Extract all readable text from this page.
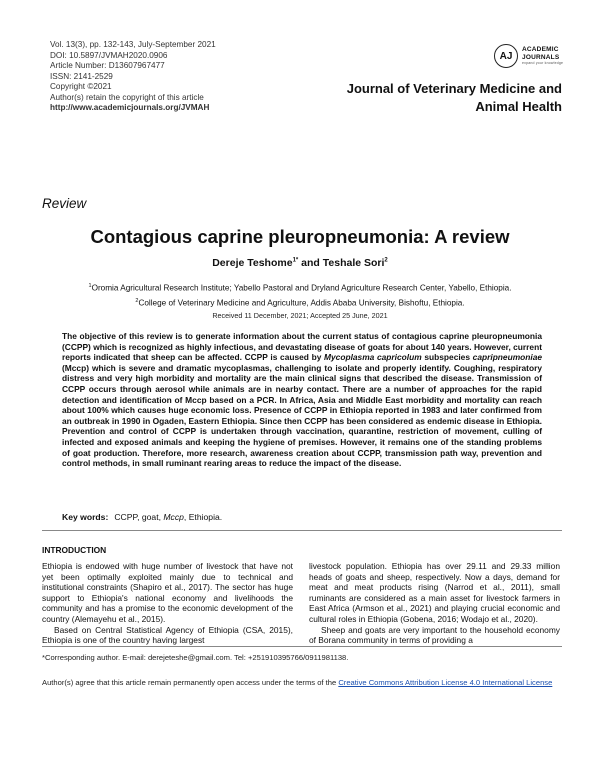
Vol. 13(3), pp. 132-143, July-September 2021
DOI: 10.5897/JVMAH2020.0906
Article Number: D13607967477
ISSN: 2141-2529
Copyright ©2021
Author(s) retain the copyright of this article
http://www.academicjournals.org/JVMAH
AJ
ACADEMIC
JOURNALS
expand your knowledge
Journal of Veterinary Medicine and Animal Health
Review
Contagious caprine pleuropneumonia: A review
Dereje Teshome$^{1*}$ and Teshale Sori$^2$
$^1$Oromia Agricultural Research Institute; Yabello Pastoral and Dryland Agriculture Research Center, Yabello, Ethiopia.
$^2$College of Veterinary Medicine and Agriculture, Addis Ababa University, Bishoftu, Ethiopia.
Received 11 December, 2021; Accepted 25 June, 2021
The objective of this review is to generate information about the current status of contagious caprine pleuropneumonia (CCPP) which is recognized as highly infectious, and devastating disease of goats for about 140 years. However, current reports indicated that sheep can be affected. CCPP is caused by Mycoplasma capricolum subspecies capripneumoniae (Mccp) which is severe and dramatic mycoplasmas, challenging to isolate and properly identify. Coughing, respiratory distress and very high morbidity and mortality are the main clinical signs that described the disease. Transmission of CCPP occurs through aerosol while animals are in nearby contact. There are a number of approaches for the rapid detection and identification of Mccp based on a PCR. In Africa, Asia and Middle East morbidity and mortality can reach about 100% which causes huge economic loss. Presence of CCPP in Ethiopia reported in 1983 and later confirmed from an outbreak in 1990 in Ogaden, Eastern Ethiopia. Since then CCPP has been considered as endemic disease in Ethiopia. Prevention and control of CCPP is undertaken through vaccination, quarantine, restriction of movement, culling of infected and exposed animals and keeping the hygiene of premises. However, it remains one of the standing problems of goat production. Therefore, more research, awareness creation about CCPP, transmission path way, prevention and control methods, in small ruminant rearing areas to reduce the impact of the disease.
Key words: CCPP, goat, Mccp, Ethiopia.
INTRODUCTION

Ethiopia is endowed with huge number of livestock that have not yet been optimally exploited mainly due to technical and institutional constraints (Shapiro et al., 2017). The sector has huge support to Ethiopia's national economy and livelihoods the community and has a promise to the economic development of the country (Alemayehu et al., 2015).

Based on Central Statistical Agency of Ethiopia (CSA, 2015), Ethiopia is one of the country having largest

livestock population. Ethiopia has over 29.11 and 29.33 million heads of goats and sheep, respectively. Now a days, demand for meat and meat products rising (Narrod et al., 2011), small ruminants are considered as a main asset for livestock farmers in East Africa (Armson et al., 2021) and playing crucial economic and cultural roles in Ethiopia (Gobena, 2016; Wodajo et al., 2020).

Sheep and goats are very important to the household economy of Borana community in terms of providing a

*Corresponding author. E-mail: derejeteshe@gmail.com. Tel: +251910395766/0911981138.
Author(s) agree that this article remain permanently open access under the terms of the Creative Commons Attribution License 4.0 International License
